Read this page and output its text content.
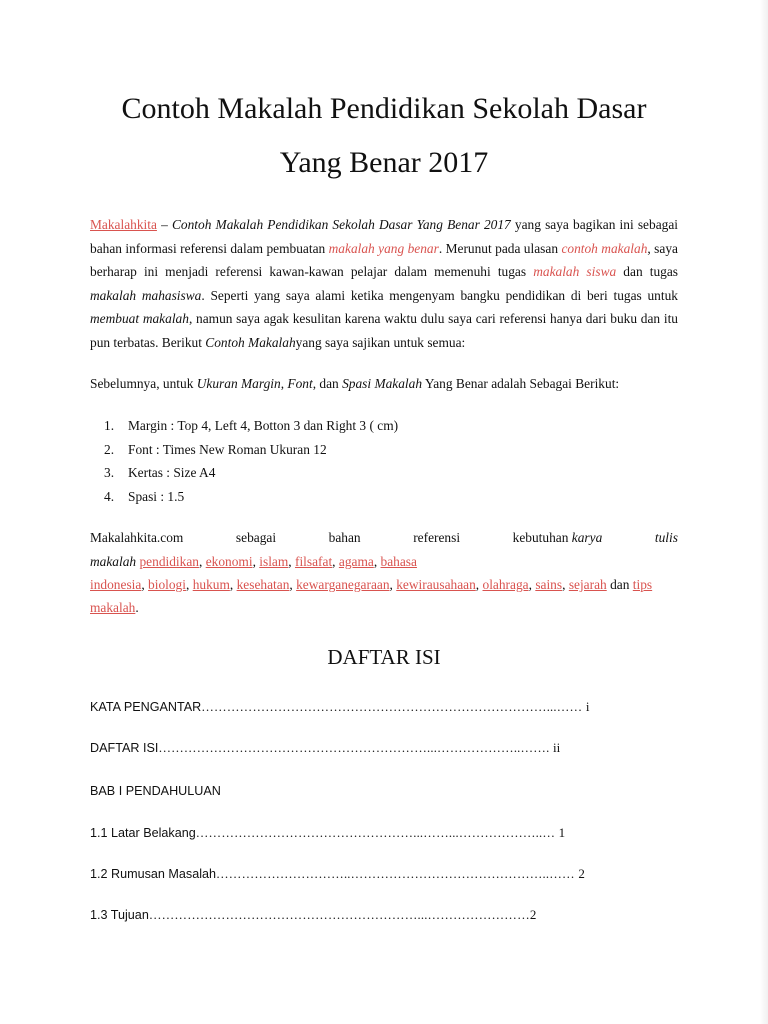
Contoh Makalah Pendidikan Sekolah Dasar
Yang Benar 2017

Makalahkita – Contoh Makalah Pendidikan Sekolah Dasar Yang Benar 2017 yang saya bagikan ini sebagai bahan informasi referensi dalam pembuatan makalah yang benar. Merunut pada ulasan contoh makalah, saya berharap ini menjadi referensi kawan-kawan pelajar dalam memenuhi tugas makalah siswa dan tugas makalah mahasiswa. Seperti yang saya alami ketika mengenyam bangku pendidikan di beri tugas untuk membuat makalah, namun saya agak kesulitan karena waktu dulu saya cari referensi hanya dari buku dan itu pun terbatas. Berikut Contoh Makalahyang saya sajikan untuk semua:

Sebelumnya, untuk Ukuran Margin, Font, dan Spasi Makalah Yang Benar adalah Sebagai Berikut:
1. Margin : Top 4, Left 4, Botton 3 dan Right 3 ( cm)
2. Font : Times New Roman Ukuran 12
3. Kertas : Size A4
4. Spasi : 1.5
Makalahkita.com	sebagai	bahan	referensi	kebutuhan karya	tulis
makalah pendidikan, ekonomi, islam, filsafat, agama, bahasa
indonesia, biologi, hukum, kesehatan, kewarganegaraan, kewirausahaan, olahraga, sains, sejarah dan tips
makalah.
DAFTAR ISI
KATA PENGANTAR………………………………………………………………………...…… i
DAFTAR ISI………………………………………………………...………………..……. ii
BAB I PENDAHULUAN
1.1 Latar Belakang……………………………………………...……...………………..… 1
1.2 Rumusan Masalah…………………………..………………………………………..…… 2
1.3 Tujuan………………………………………………………...……………………2
